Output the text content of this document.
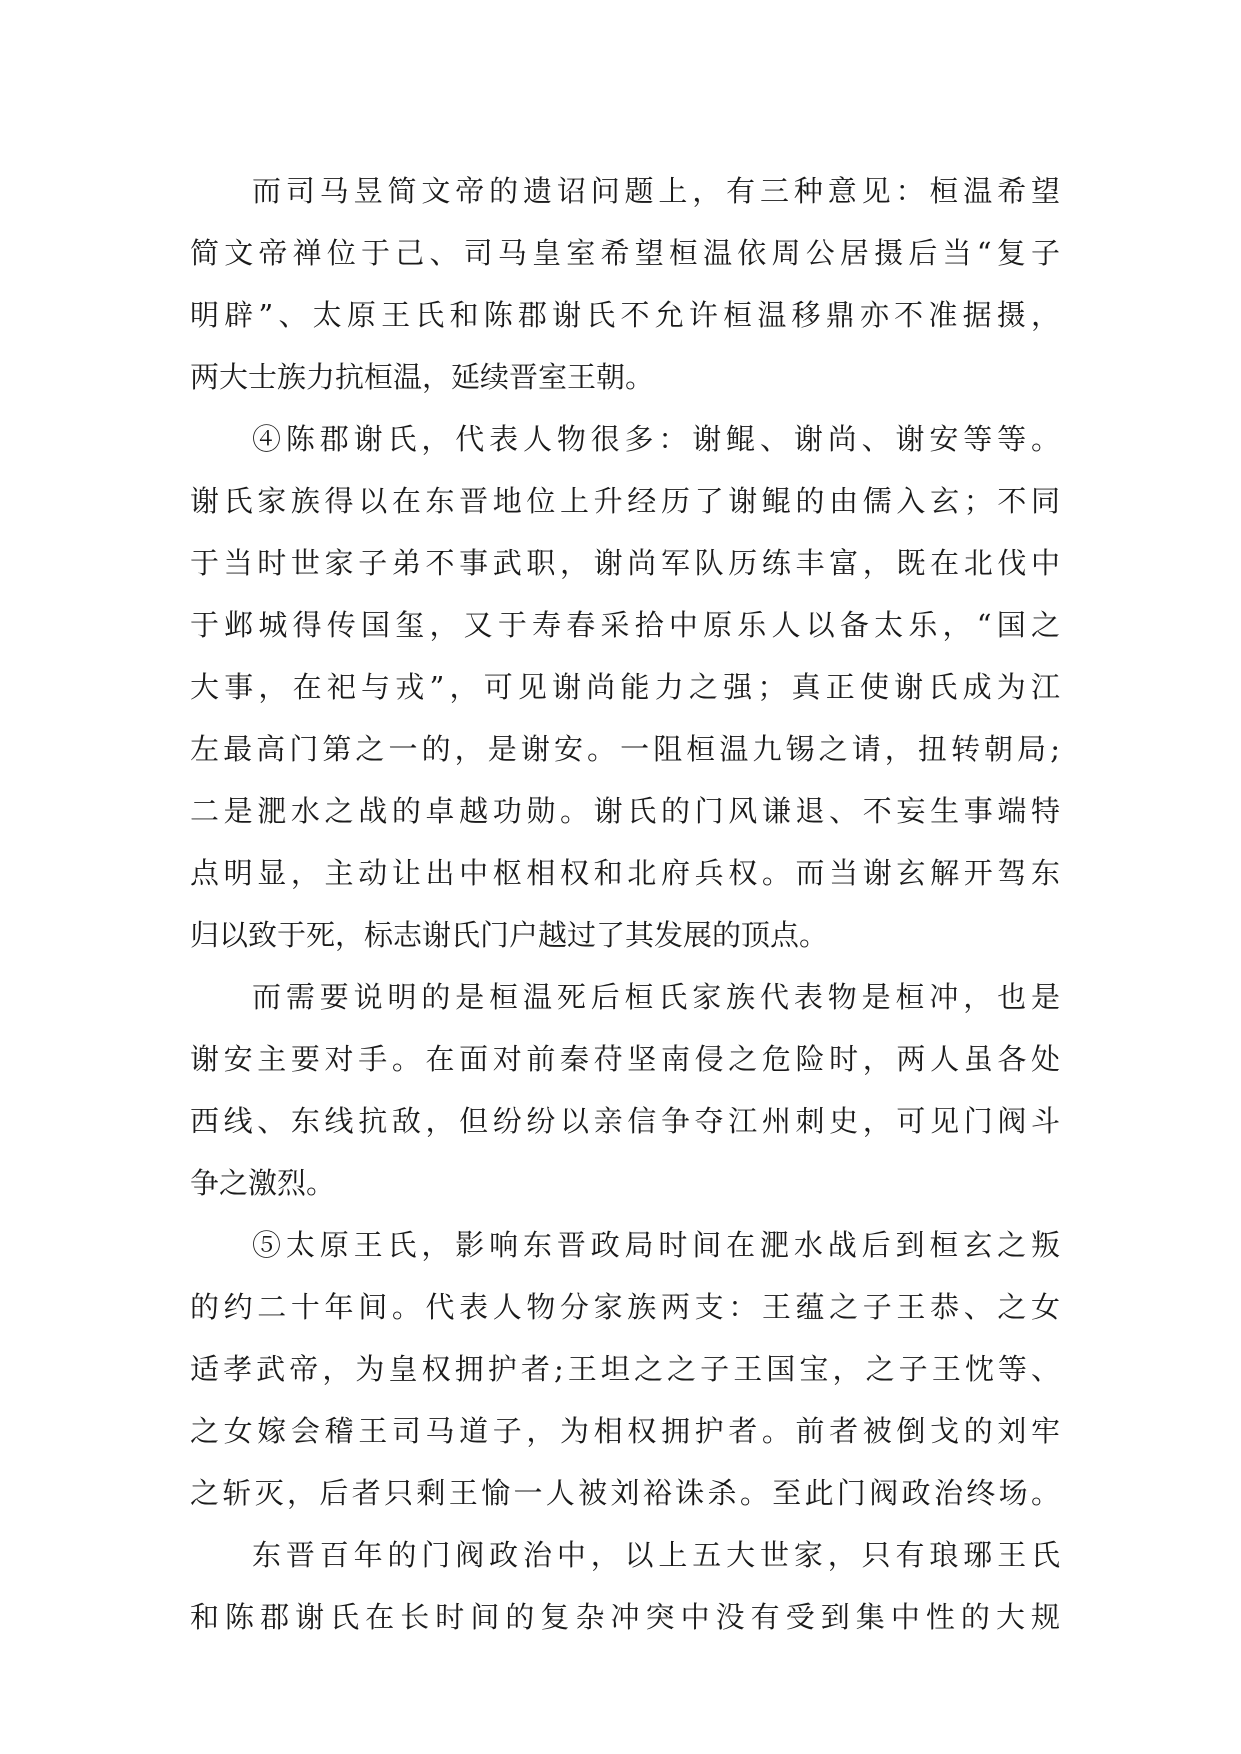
而司马昱简文帝的遗诏问题上，有三种意见：桓温希望
简文帝禅位于己、司马皇室希望桓温依周公居摄后当“复子
明辟”、太原王氏和陈郡谢氏不允许桓温移鼎亦不准据摄，
两大士族力抗桓温，延续晋室王朝。
④陈郡谢氏，代表人物很多：谢鲲、谢尚、谢安等等。
谢氏家族得以在东晋地位上升经历了谢鲲的由儒入玄；不同
于当时世家子弟不事武职，谢尚军队历练丰富，既在北伐中
于邺城得传国玺，又于寿春采拾中原乐人以备太乐，“国之
大事，在祀与戎”，可见谢尚能力之强；真正使谢氏成为江
左最高门第之一的，是谢安。一阻桓温九锡之请，扭转朝局;
二是淝水之战的卓越功勋。谢氏的门风谦退、不妄生事端特
点明显，主动让出中枢相权和北府兵权。而当谢玄解开驾东
归以致于死，标志谢氏门户越过了其发展的顶点。
而需要说明的是桓温死后桓氏家族代表物是桓冲，也是
谢安主要对手。在面对前秦苻坚南侵之危险时，两人虽各处
西线、东线抗敌，但纷纷以亲信争夺江州刺史，可见门阀斗
争之激烈。
⑤太原王氏，影响东晋政局时间在淝水战后到桓玄之叛
的约二十年间。代表人物分家族两支：王蕴之子王恭、之女
适孝武帝，为皇权拥护者;王坦之之子王国宝，之子王忱等、
之女嫁会稽王司马道子，为相权拥护者。前者被倒戈的刘牢
之斩灭，后者只剩王愉一人被刘裕诛杀。至此门阀政治终场。
东晋百年的门阀政治中，以上五大世家，只有琅琊王氏
和陈郡谢氏在长时间的复杂冲突中没有受到集中性的大规
